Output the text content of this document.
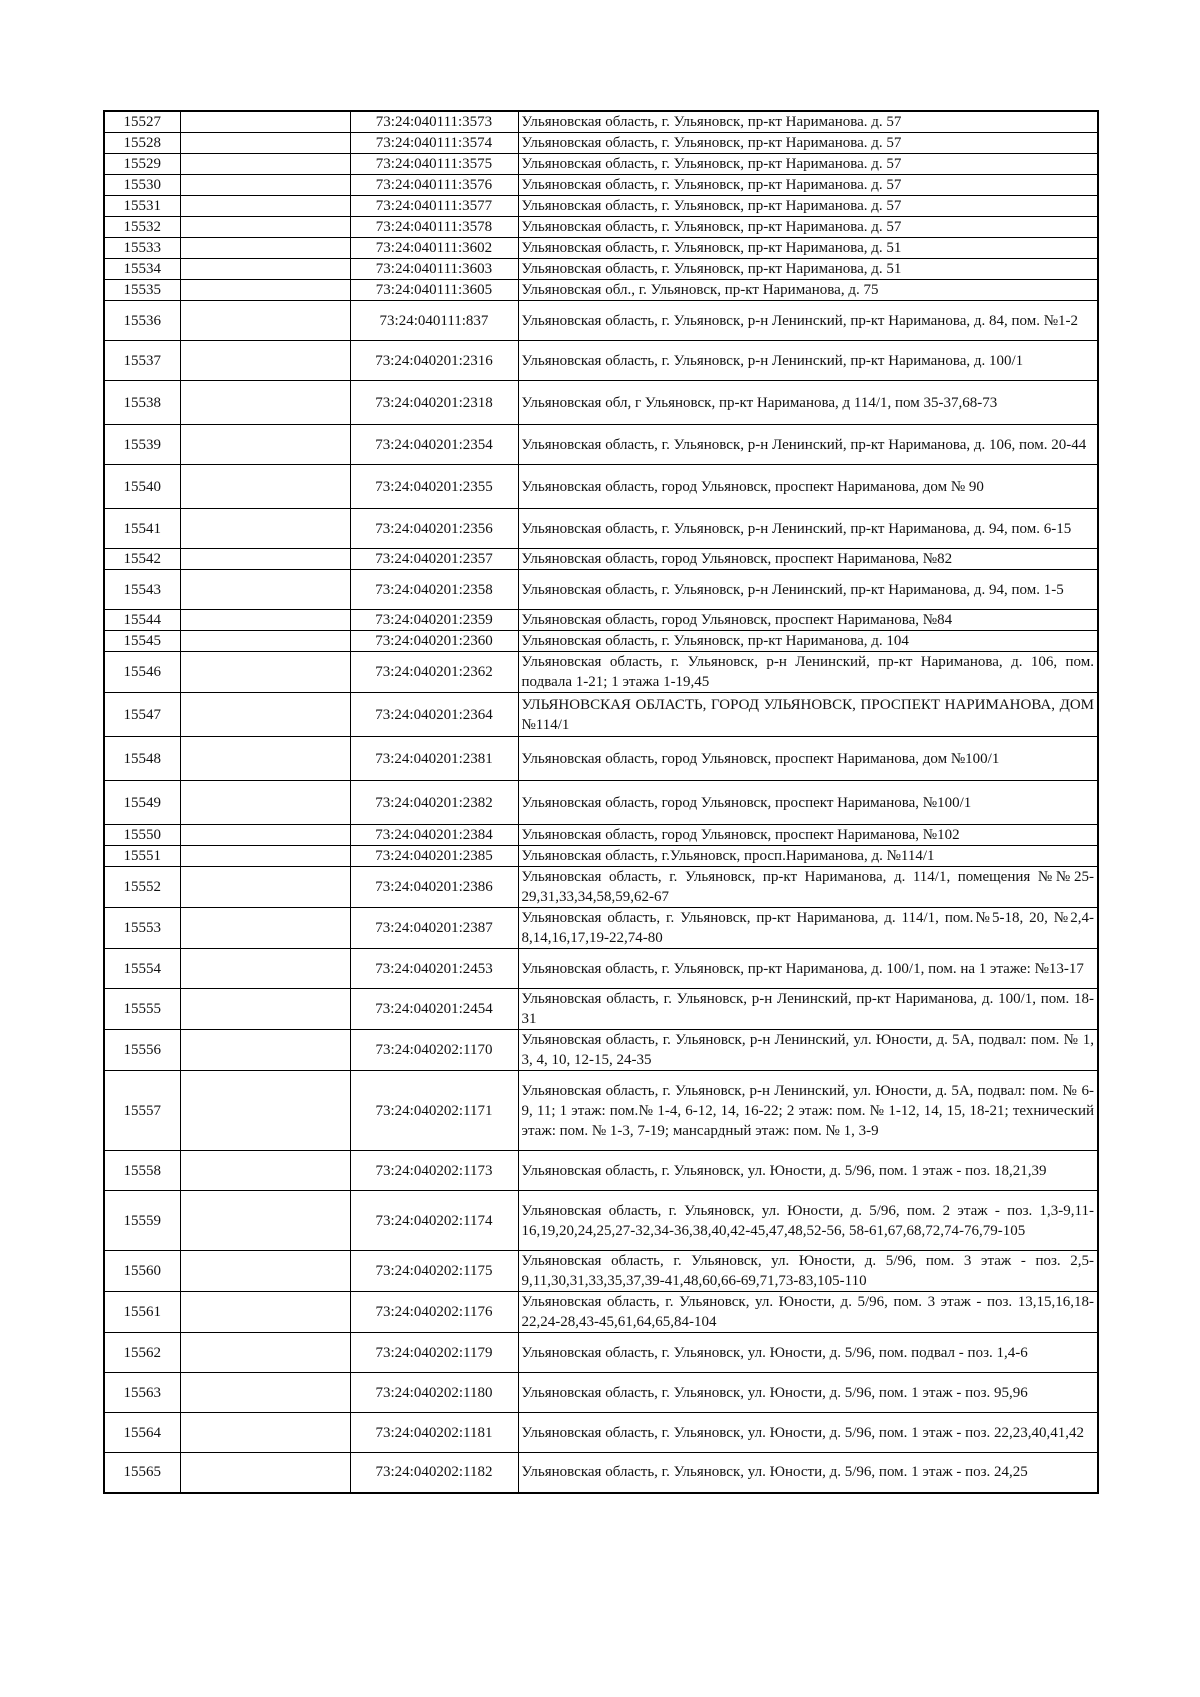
15527		73:24:040111:3573	Ульяновская область, г. Ульяновск, пр-кт Нариманова. д. 57
15528		73:24:040111:3574	Ульяновская область, г. Ульяновск, пр-кт Нариманова. д. 57
15529		73:24:040111:3575	Ульяновская область, г. Ульяновск, пр-кт Нариманова. д. 57
15530		73:24:040111:3576	Ульяновская область, г. Ульяновск, пр-кт Нариманова. д. 57
15531		73:24:040111:3577	Ульяновская область, г. Ульяновск, пр-кт Нариманова. д. 57
15532		73:24:040111:3578	Ульяновская область, г. Ульяновск, пр-кт Нариманова. д. 57
15533		73:24:040111:3602	Ульяновская область, г. Ульяновск, пр-кт Нариманова, д. 51
15534		73:24:040111:3603	Ульяновская область, г. Ульяновск, пр-кт Нариманова, д. 51
15535		73:24:040111:3605	Ульяновская обл., г. Ульяновск, пр-кт Нариманова, д. 75
15536		73:24:040111:837	Ульяновская область, г. Ульяновск, р-н Ленинский, пр-кт Нариманова, д. 84, пом. №1-2
15537		73:24:040201:2316	Ульяновская область, г. Ульяновск, р-н Ленинский, пр-кт Нариманова, д. 100/1
15538		73:24:040201:2318	Ульяновская обл, г Ульяновск, пр-кт Нариманова, д 114/1, пом 35-37,68-73
15539		73:24:040201:2354	Ульяновская область, г. Ульяновск, р-н Ленинский, пр-кт Нариманова, д. 106, пом. 20-44
15540		73:24:040201:2355	Ульяновская область, город Ульяновск, проспект Нариманова, дом № 90
15541		73:24:040201:2356	Ульяновская область, г. Ульяновск, р-н Ленинский, пр-кт Нариманова, д. 94, пом. 6-15
15542		73:24:040201:2357	Ульяновская область, город Ульяновск, проспект Нариманова, №82
15543		73:24:040201:2358	Ульяновская область, г. Ульяновск, р-н Ленинский, пр-кт Нариманова, д. 94, пом. 1-5
15544		73:24:040201:2359	Ульяновская область, город Ульяновск, проспект Нариманова, №84
15545		73:24:040201:2360	Ульяновская область, г. Ульяновск, пр-кт Нариманова, д. 104
15546		73:24:040201:2362	Ульяновская область, г. Ульяновск, р-н Ленинский, пр-кт Нариманова, д. 106, пом. подвала 1-21; 1 этажа 1-19,45
15547		73:24:040201:2364	УЛЬЯНОВСКАЯ ОБЛАСТЬ, ГОРОД УЛЬЯНОВСК, ПРОСПЕКТ НАРИМАНОВА, ДОМ №114/1
15548		73:24:040201:2381	Ульяновская область, город Ульяновск, проспект Нариманова, дом №100/1
15549		73:24:040201:2382	Ульяновская область, город Ульяновск, проспект Нариманова, №100/1
15550		73:24:040201:2384	Ульяновская область, город Ульяновск, проспект Нариманова, №102
15551		73:24:040201:2385	Ульяновская область, г.Ульяновск, просп.Нариманова, д. №114/1
15552		73:24:040201:2386	Ульяновская область, г. Ульяновск, пр-кт Нариманова, д. 114/1, помещения №№25-29,31,33,34,58,59,62-67
15553		73:24:040201:2387	Ульяновская область, г. Ульяновск, пр-кт Нариманова, д. 114/1, пом.№5-18, 20, №2,4-8,14,16,17,19-22,74-80
15554		73:24:040201:2453	Ульяновская область, г. Ульяновск, пр-кт Нариманова, д. 100/1, пом. на 1 этаже: №13-17
15555		73:24:040201:2454	Ульяновская область, г. Ульяновск, р-н Ленинский, пр-кт Нариманова, д. 100/1, пом. 18-31
15556		73:24:040202:1170	Ульяновская область, г. Ульяновск, р-н Ленинский, ул. Юности, д. 5А, подвал: пом. № 1, 3, 4, 10, 12-15, 24-35
15557		73:24:040202:1171	Ульяновская область, г. Ульяновск, р-н Ленинский, ул. Юности, д. 5А, подвал: пом. № 6-9, 11; 1 этаж: пом.№ 1-4, 6-12, 14, 16-22; 2 этаж: пом. № 1-12, 14, 15, 18-21; технический этаж: пом. № 1-3, 7-19; мансардный этаж: пом. № 1, 3-9
15558		73:24:040202:1173	Ульяновская область, г. Ульяновск, ул. Юности, д. 5/96, пом. 1 этаж - поз. 18,21,39
15559		73:24:040202:1174	Ульяновская область, г. Ульяновск, ул. Юности, д. 5/96, пом. 2 этаж - поз. 1,3-9,11-16,19,20,24,25,27-32,34-36,38,40,42-45,47,48,52-56, 58-61,67,68,72,74-76,79-105
15560		73:24:040202:1175	Ульяновская область, г. Ульяновск, ул. Юности, д. 5/96, пом. 3 этаж - поз. 2,5-9,11,30,31,33,35,37,39-41,48,60,66-69,71,73-83,105-110
15561		73:24:040202:1176	Ульяновская область, г. Ульяновск, ул. Юности, д. 5/96, пом. 3 этаж - поз. 13,15,16,18-22,24-28,43-45,61,64,65,84-104
15562		73:24:040202:1179	Ульяновская область, г. Ульяновск, ул. Юности, д. 5/96, пом. подвал - поз. 1,4-6
15563		73:24:040202:1180	Ульяновская область, г. Ульяновск, ул. Юности, д. 5/96, пом. 1 этаж - поз. 95,96
15564		73:24:040202:1181	Ульяновская область, г. Ульяновск, ул. Юности, д. 5/96, пом. 1 этаж - поз. 22,23,40,41,42
15565		73:24:040202:1182	Ульяновская область, г. Ульяновск, ул. Юности, д. 5/96, пом. 1 этаж - поз. 24,25
